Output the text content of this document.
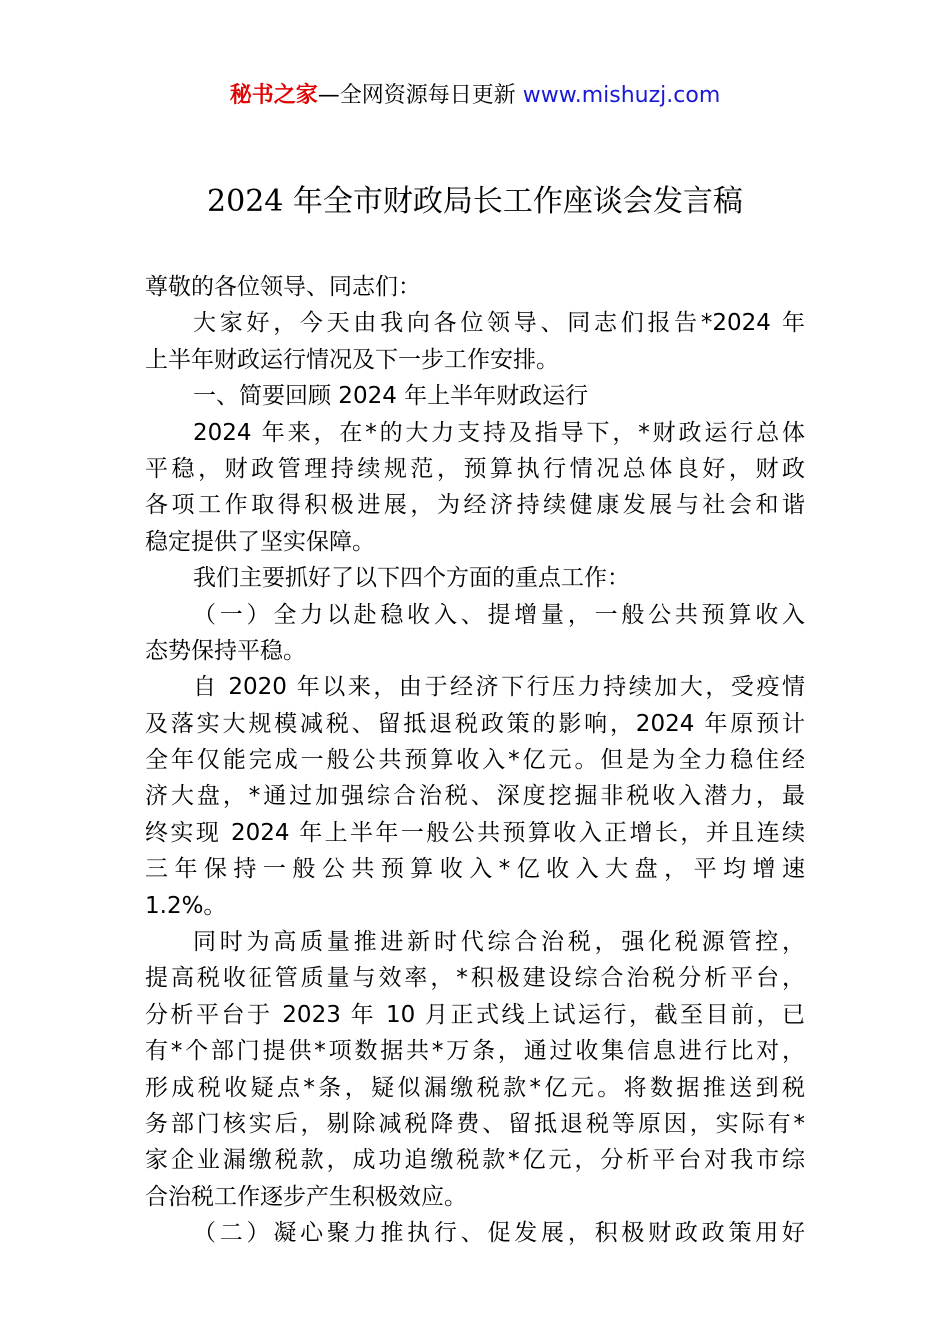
秘书之家—全网资源每日更新 www.mishuzj.com
2024 年全市财政局长工作座谈会发言稿
尊敬的各位领导、同志们：
大家好，今天由我向各位领导、同志们报告*2024 年
上半年财政运行情况及下一步工作安排。
一、简要回顾 2024 年上半年财政运行
2024 年来，在*的大力支持及指导下，*财政运行总体
平稳，财政管理持续规范，预算执行情况总体良好，财政
各项工作取得积极进展，为经济持续健康发展与社会和谐
稳定提供了坚实保障。
我们主要抓好了以下四个方面的重点工作：
（一）全力以赴稳收入、提增量，一般公共预算收入
态势保持平稳。
自 2020 年以来，由于经济下行压力持续加大，受疫情
及落实大规模减税、留抵退税政策的影响，2024 年原预计
全年仅能完成一般公共预算收入*亿元。但是为全力稳住经
济大盘，*通过加强综合治税、深度挖掘非税收入潜力，最
终实现 2024 年上半年一般公共预算收入正增长，并且连续
三年保持一般公共预算收入*亿收入大盘，平均增速
1.2%。
同时为高质量推进新时代综合治税，强化税源管控，
提高税收征管质量与效率，*积极建设综合治税分析平台，
分析平台于 2023 年 10 月正式线上试运行，截至目前，已
有*个部门提供*项数据共*万条，通过收集信息进行比对，
形成税收疑点*条，疑似漏缴税款*亿元。将数据推送到税
务部门核实后，剔除减税降费、留抵退税等原因，实际有*
家企业漏缴税款，成功追缴税款*亿元，分析平台对我市综
合治税工作逐步产生积极效应。
（二）凝心聚力推执行、促发展，积极财政政策用好
